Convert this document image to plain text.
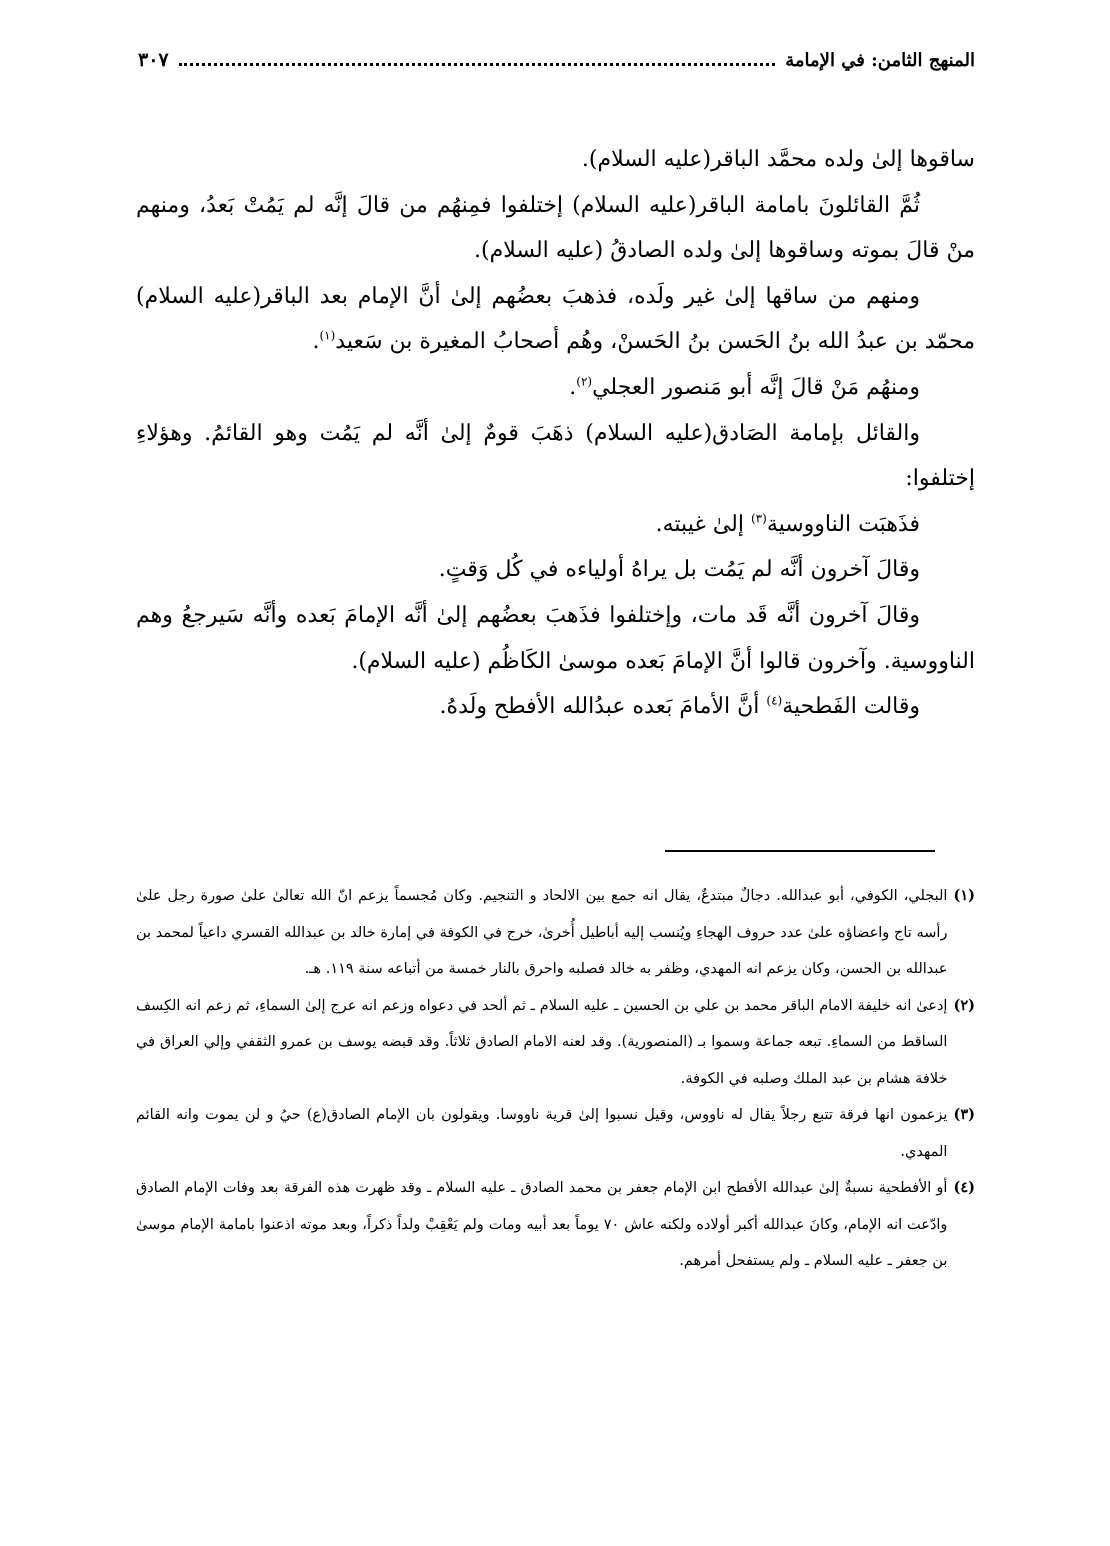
المنهج الثامن: في الإمامة
٣٠٧

ساقوها إلىٰ ولده محمَّد الباقر(عليه السلام).

ثُمَّ القائلونَ بامامة الباقر(عليه السلام) إختلفوا فمِنهُم من قالَ إنَّه لم يَمُتْ بَعدُ، ومنهم منْ قالَ بموته وساقوها إلىٰ ولده الصادقُ (عليه السلام).

ومنهم من ساقها إلىٰ غير ولَده، فذهبَ بعضُهم إلىٰ أنَّ الإمام بعد الباقر(عليه السلام) محمّد بن عبدُ الله بنُ الحَسن بنُ الحَسنْ، وهُم أصحابُ المغيرة بن سَعيد$^{(١)}$.

ومنهُم مَنْ قالَ إنَّه أبو مَنصور العجلي$^{(٢)}$.

والقائل بإمامة الصَادق(عليه السلام) ذهَبَ قومٌ إلىٰ أنَّه لم يَمُت وهو القائمُ. وهؤلاءِ إختلفوا:

فذَهبَت الناووسية$^{(٣)}$ إلىٰ غيبته.

وقالَ آخرون أنَّه لم يَمُت بل يراهُ أولياءه في كُل وَقتٍ.

وقالَ آخرون أنَّه قَد مات، وإختلفوا فذَهبَ بعضُهم إلىٰ أنَّه الإمامَ بَعده وأنَّه سَيرجعُ وهم الناووسية. وآخرون قالوا أنَّ الإمامَ بَعده موسىٰ الكَاظُم (عليه السلام).

وقالت الفَطحية$^{(٤)}$ أنَّ الأمامَ بَعده عبدُالله الأفطح ولَدهُ.

(١)
البجلي، الكوفي، أبو عبدالله. دجالٌ مبتدعٌ، يقال انه جمع بين الالحاد و التنجيم. وكان مُجسماً يزعم انّ الله تعالىٰ علىٰ صورة رجل علىٰ رأسه تاج واعضاؤه علىٰ عدد حروف الهجاءِ ويُنسب إليه أباطيل أُخرىٰ، خرج في الكوفة في إمارة خالد بن عبدالله القسري داعياً لمحمد بن عبدالله بن الحسن، وكان يزعم انه المهدي، وظفر به خالد فصلبه واحرق بالنار خمسة من أتباعه سنة ١١٩. هـ.
(٢)
إدعىٰ انه خليفة الامام الباقر محمد بن علي بن الحسين ـ عليه السلام ـ ثم ألحد في دعواه وزعم انه عرج إلىٰ السماءِ، ثم زعم انه الكِسف الساقط من السماءِ. تبعه جماعة وسموا بـ (المنصورية). وقد لعنه الامام الصادق ثلاثاً. وقد قبضه يوسف بن عمرو الثقفي وإلي العراق في خلافة هشام بن عبد الملك وصلبه في الكوفة.
(٣)
يزعمون انها فرقة تتبع رجلاً يقال له ناووس، وقيل نسبوا إلىٰ قرية ناووسا. ويقولون بان الإمام الصادق(ع) حيُ و لن يموت وانه القائم المهدي.
(٤)
أو الأفطحية نسبةٌ إلىٰ عبدالله الأفطح ابن الإمام جعفر بن محمد الصادق ـ عليه السلام ـ وقد ظهرت هذه الفرقة بعد وفات الإمام الصادق وادّعت انه الإمام، وكانَ عبدالله أكبر أولاده ولكنه عاش ٧٠ يوماً بعد أبيه ومات ولم يَعْقِبْ ولداً ذكراً، وبعد موته اذعنوا بامامة الإمام موسىٰ بن جعفر ـ عليه السلام ـ ولم يستفحل أمرهم.
